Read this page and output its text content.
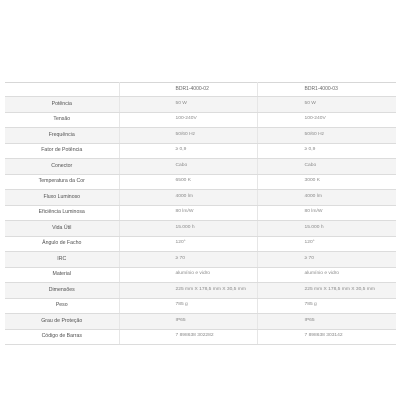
	BDR1-4000-02	BDR1-4000-03
Potência	50 W	50 W
Tensão	100-240V	100-240V
Frequência	50/60 Hz	50/60 Hz
Fator de Potência	≥ 0,9	≥ 0,9
Conector	Cabo	Cabo
Temperatura da Cor	6500 K	3000 K
Fluxo Luminoso	4000 lm	4000 lm
Eficiência Luminosa	80 lm/W	80 lm/W
Vida Útil	15.000 h	15.000 h
Ângulo de Facho	120°	120°
IRC	≥ 70	≥ 70
Material	alumínio e vidro	alumínio e vidro
Dimensões	225 mm X 178,5 mm X 30,5 mm	225 mm X 178,5 mm X 30,5 mm
Peso	785 g	785 g
Grau de Proteção	IP65	IP65
Código de Barras	7 898638 302282	7 898638 303142
